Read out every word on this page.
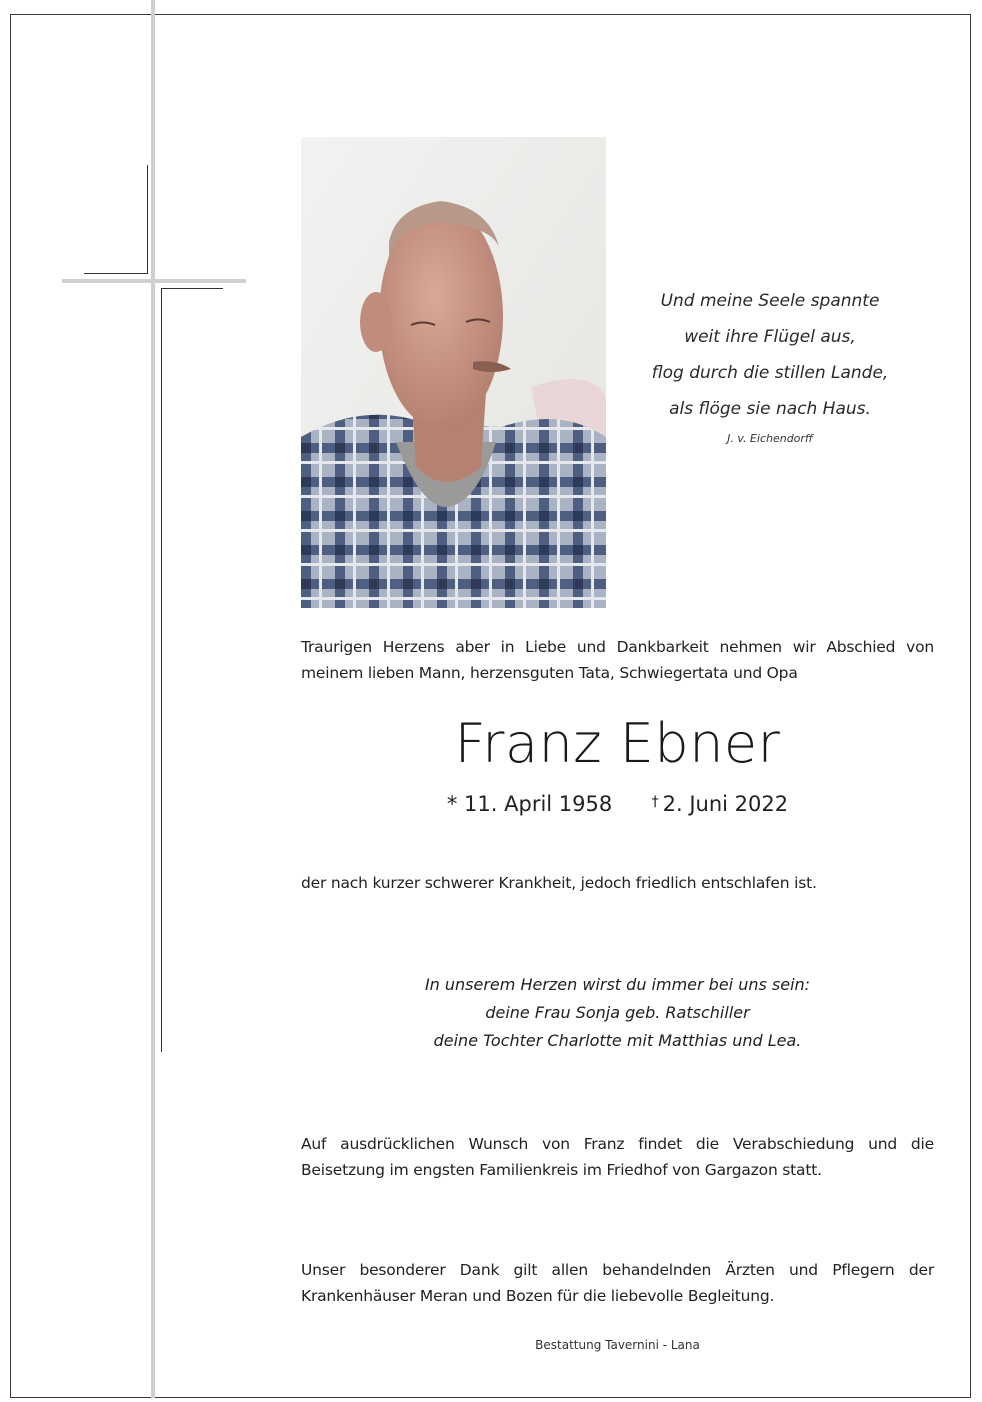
Und meine Seele spannte
weit ihre Flügel aus,
flog durch die stillen Lande,
als flöge sie nach Haus.
J. v. Eichendorff
Traurigen Herzens aber in Liebe und Dankbarkeit nehmen wir Abschied von meinem lieben Mann, herzensguten Tata, Schwiegertata und Opa
Franz Ebner
* 11. April 1958	† 2. Juni 2022
der nach kurzer schwerer Krankheit, jedoch friedlich entschlafen ist.
In unserem Herzen wirst du immer bei uns sein:
deine Frau Sonja geb. Ratschiller
deine Tochter Charlotte mit Matthias und Lea.
Auf ausdrücklichen Wunsch von Franz findet die Verabschiedung und die Beisetzung im engsten Familienkreis im Friedhof von Gargazon statt.
Unser besonderer Dank gilt allen behandelnden Ärzten und Pflegern der Krankenhäuser Meran und Bozen für die liebevolle Begleitung.
Bestattung Tavernini - Lana
